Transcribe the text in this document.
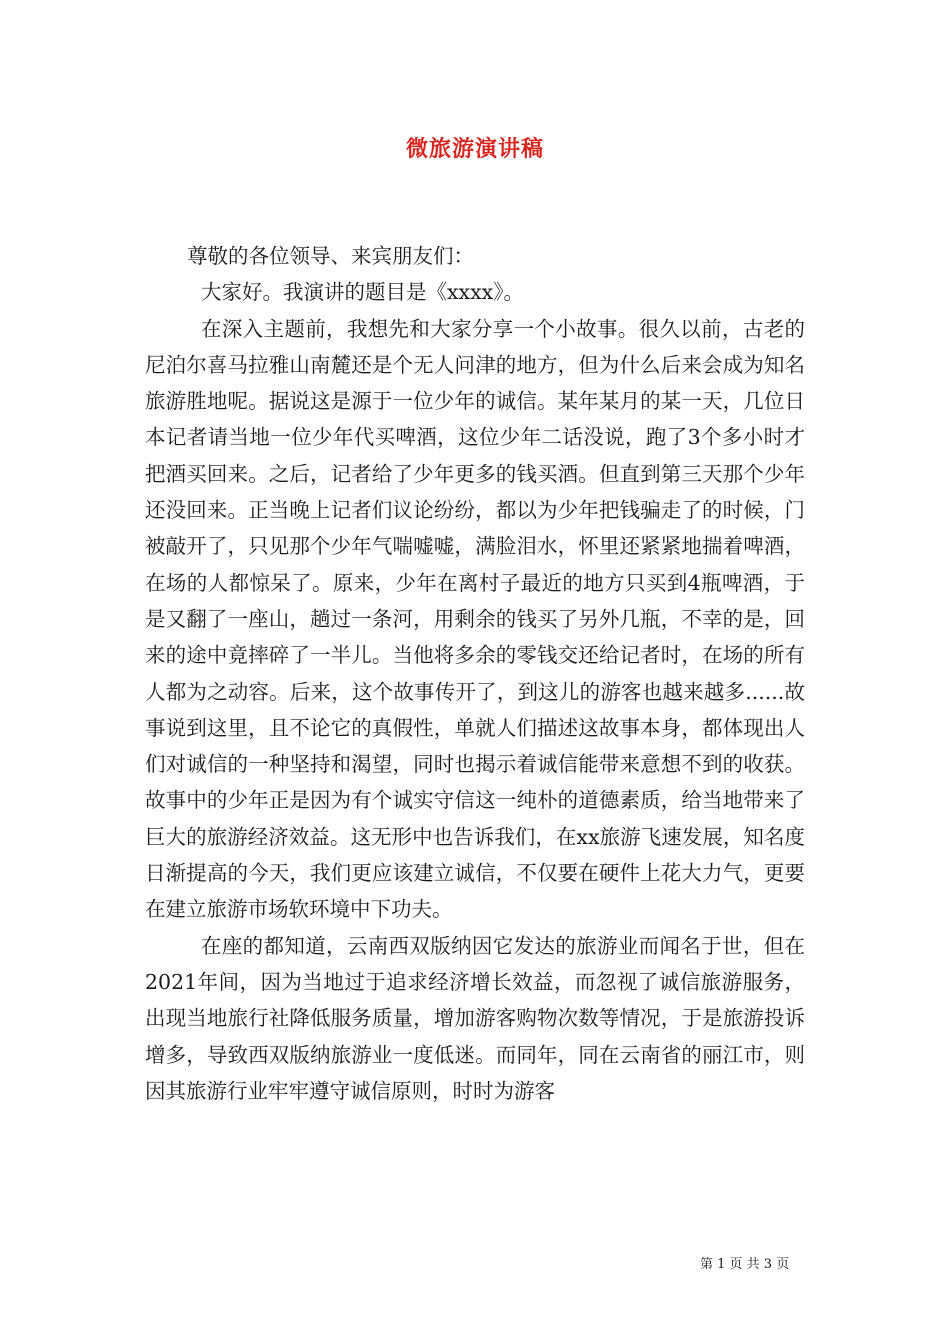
微旅游演讲稿

尊敬的各位领导、来宾朋友们：

大家好。我演讲的题目是《xxxx》。

在深入主题前，我想先和大家分享一个小故事。很久以前，古老的尼泊尔喜马拉雅山南麓还是个无人问津的地方，但为什么后来会成为知名旅游胜地呢。据说这是源于一位少年的诚信。某年某月的某一天，几位日本记者请当地一位少年代买啤酒，这位少年二话没说，跑了3个多小时才把酒买回来。之后，记者给了少年更多的钱买酒。但直到第三天那个少年还没回来。正当晚上记者们议论纷纷，都以为少年把钱骗走了的时候，门被敲开了，只见那个少年气喘嘘嘘，满脸泪水，怀里还紧紧地揣着啤酒，在场的人都惊呆了。原来，少年在离村子最近的地方只买到4瓶啤酒，于是又翻了一座山，趟过一条河，用剩余的钱买了另外几瓶，不幸的是，回来的途中竟摔碎了一半儿。当他将多余的零钱交还给记者时，在场的所有人都为之动容。后来，这个故事传开了，到这儿的游客也越来越多......故事说到这里，且不论它的真假性，单就人们描述这故事本身，都体现出人们对诚信的一种坚持和渴望，同时也揭示着诚信能带来意想不到的收获。故事中的少年正是因为有个诚实守信这一纯朴的道德素质，给当地带来了巨大的旅游经济效益。这无形中也告诉我们，在xx旅游飞速发展，知名度日渐提高的今天，我们更应该建立诚信，不仅要在硬件上花大力气，更要在建立旅游市场软环境中下功夫。

在座的都知道，云南西双版纳因它发达的旅游业而闻名于世，但在2021年间，因为当地过于追求经济增长效益，而忽视了诚信旅游服务，出现当地旅行社降低服务质量，增加游客购物次数等情况，于是旅游投诉增多，导致西双版纳旅游业一度低迷。而同年，同在云南省的丽江市，则因其旅游行业牢牢遵守诚信原则，时时为游客

第 1 页 共 3 页
